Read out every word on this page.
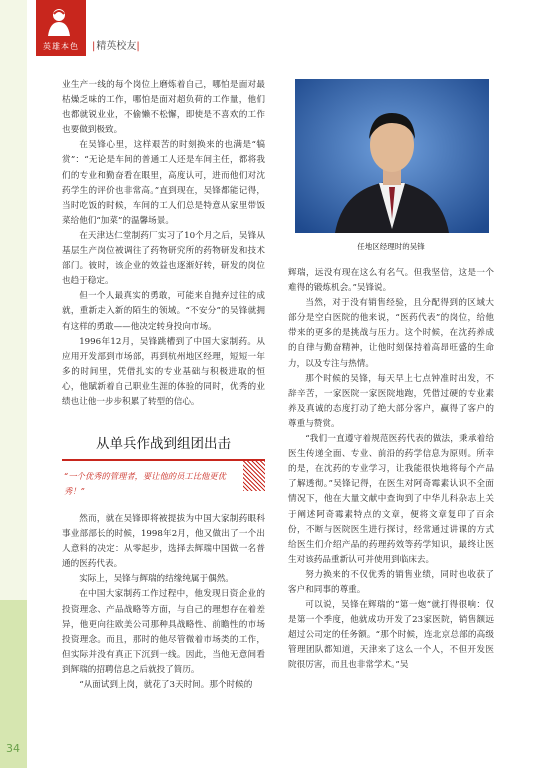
34
英雄本色	|精英校友|

业生产一线的每个岗位上磨炼着自己，哪怕是面对最枯燥乏味的工作，哪怕是面对超负荷的工作量，他们也都就锐业业，不偷懒不松懈，即使是不喜欢的工作也要做到极致。

在吴锋心里，这样艰苦的时刻换来的也满是“犒赏”：“无论是车间的普通工人还是车间主任，都将我们的专业和勤奋看在眼里，高度认可，进而他们对沈药学生的评价也非常高。”直到现在，吴锋都能记得，当时吃饭的时候，车间的工人们总是特意从家里带饭菜给他们“加菜”的温馨场景。

在天津达仁堂制药厂实习了10个月之后，吴锋从基层生产岗位被调往了药物研究所的药物研发和技术部门。彼时，该企业的效益也逐渐好转，研发的岗位也趋于稳定。

但一个人最真实的勇敢，可能来自抛弃过往的成就，重新走入新的陌生的领域。“不安分”的吴锋就拥有这样的勇敢——他决定转身投向市场。

1996年12月，吴锋跳槽到了中国大家制药。从应用开发部到市场部，再到杭州地区经理，短短一年多的时间里，凭借扎实的专业基础与积极进取的恒心，他賦新着自己职业生涯的体验的同时，优秀的业绩也让他一步步积累了转型的信心。

从单兵作战到组团出击
“一个优秀的管理者，要让他的员工比他更优秀！”

然而，就在吴锋即将被提拔为中国大家制药眼科事业部部长的时候，1998年2月，他又做出了一个出人意料的决定：从零起步，选择去辉瑞中国做一名普通的医药代表。

实际上，吴锋与辉瑞的结缘纯属于偶然。

在中国大家制药工作过程中，他发现日资企业的投资理念、产品战略等方面，与自己的理想存在着差异，他更向往欧美公司那种具战略性、前瞻性的市场投资理念。而且，那时的他尽管微着市场类的工作，但实际并没有真正下沉到一线。因此，当他无意间看到辉瑞的招聘信息之后就投了简历。

“从面试到上岗，就花了3天时间。那个时候的

任地区经理时的吴锋

辉瑞，远没有现在这么有名气。但我坚信，这是一个难得的锻炼机会。”吴锋说。

当然，对于没有销售经验，且分配得到的区域大部分是空白医院的他来说，“医药代表”的岗位，给他带来的更多的是挑战与压力。这个时候，在沈药养成的自律与勤奋精神，让他时刻保持着高昂旺盛的生命力，以及专注与热情。

那个时候的吴锋，每天早上七点钟准时出发，不辞辛苦，一家医院一家医院地跑，凭借过硬的专业素养及真诚的态度打动了绝大部分客户，赢得了客户的尊重与赞赏。

“我们一直遵守着规范医药代表的做法，秉承着给医生传递全面、专业、前沿的药学信息为原则。所幸的是，在沈药的专业学习，让我能很快地将每个产品了解透彻。”吴锋记得，在医生对阿奇霉素认识不全面情况下，他在大量文献中查询到了中华儿科杂志上关于阐述阿奇霉素特点的文章，便将文章复印了百余份，不断与医院医生进行探讨，经常通过讲课的方式给医生们介绍产品的药理药效等药学知识，最终让医生对该药品重新认可并使用到临床去。

努力换来的不仅优秀的销售业绩，同时也收获了客户和同事的尊重。

可以说，吴锋在辉瑞的“第一炮”就打得很响：仅是第一个季度，他就成功开发了23家医院，销售额远超过公司定的任务额。“那个时候，连北京总部的高级管理团队都知道，天津来了这么一个人，不但开发医院很厉害，而且也非常学术。”吴
